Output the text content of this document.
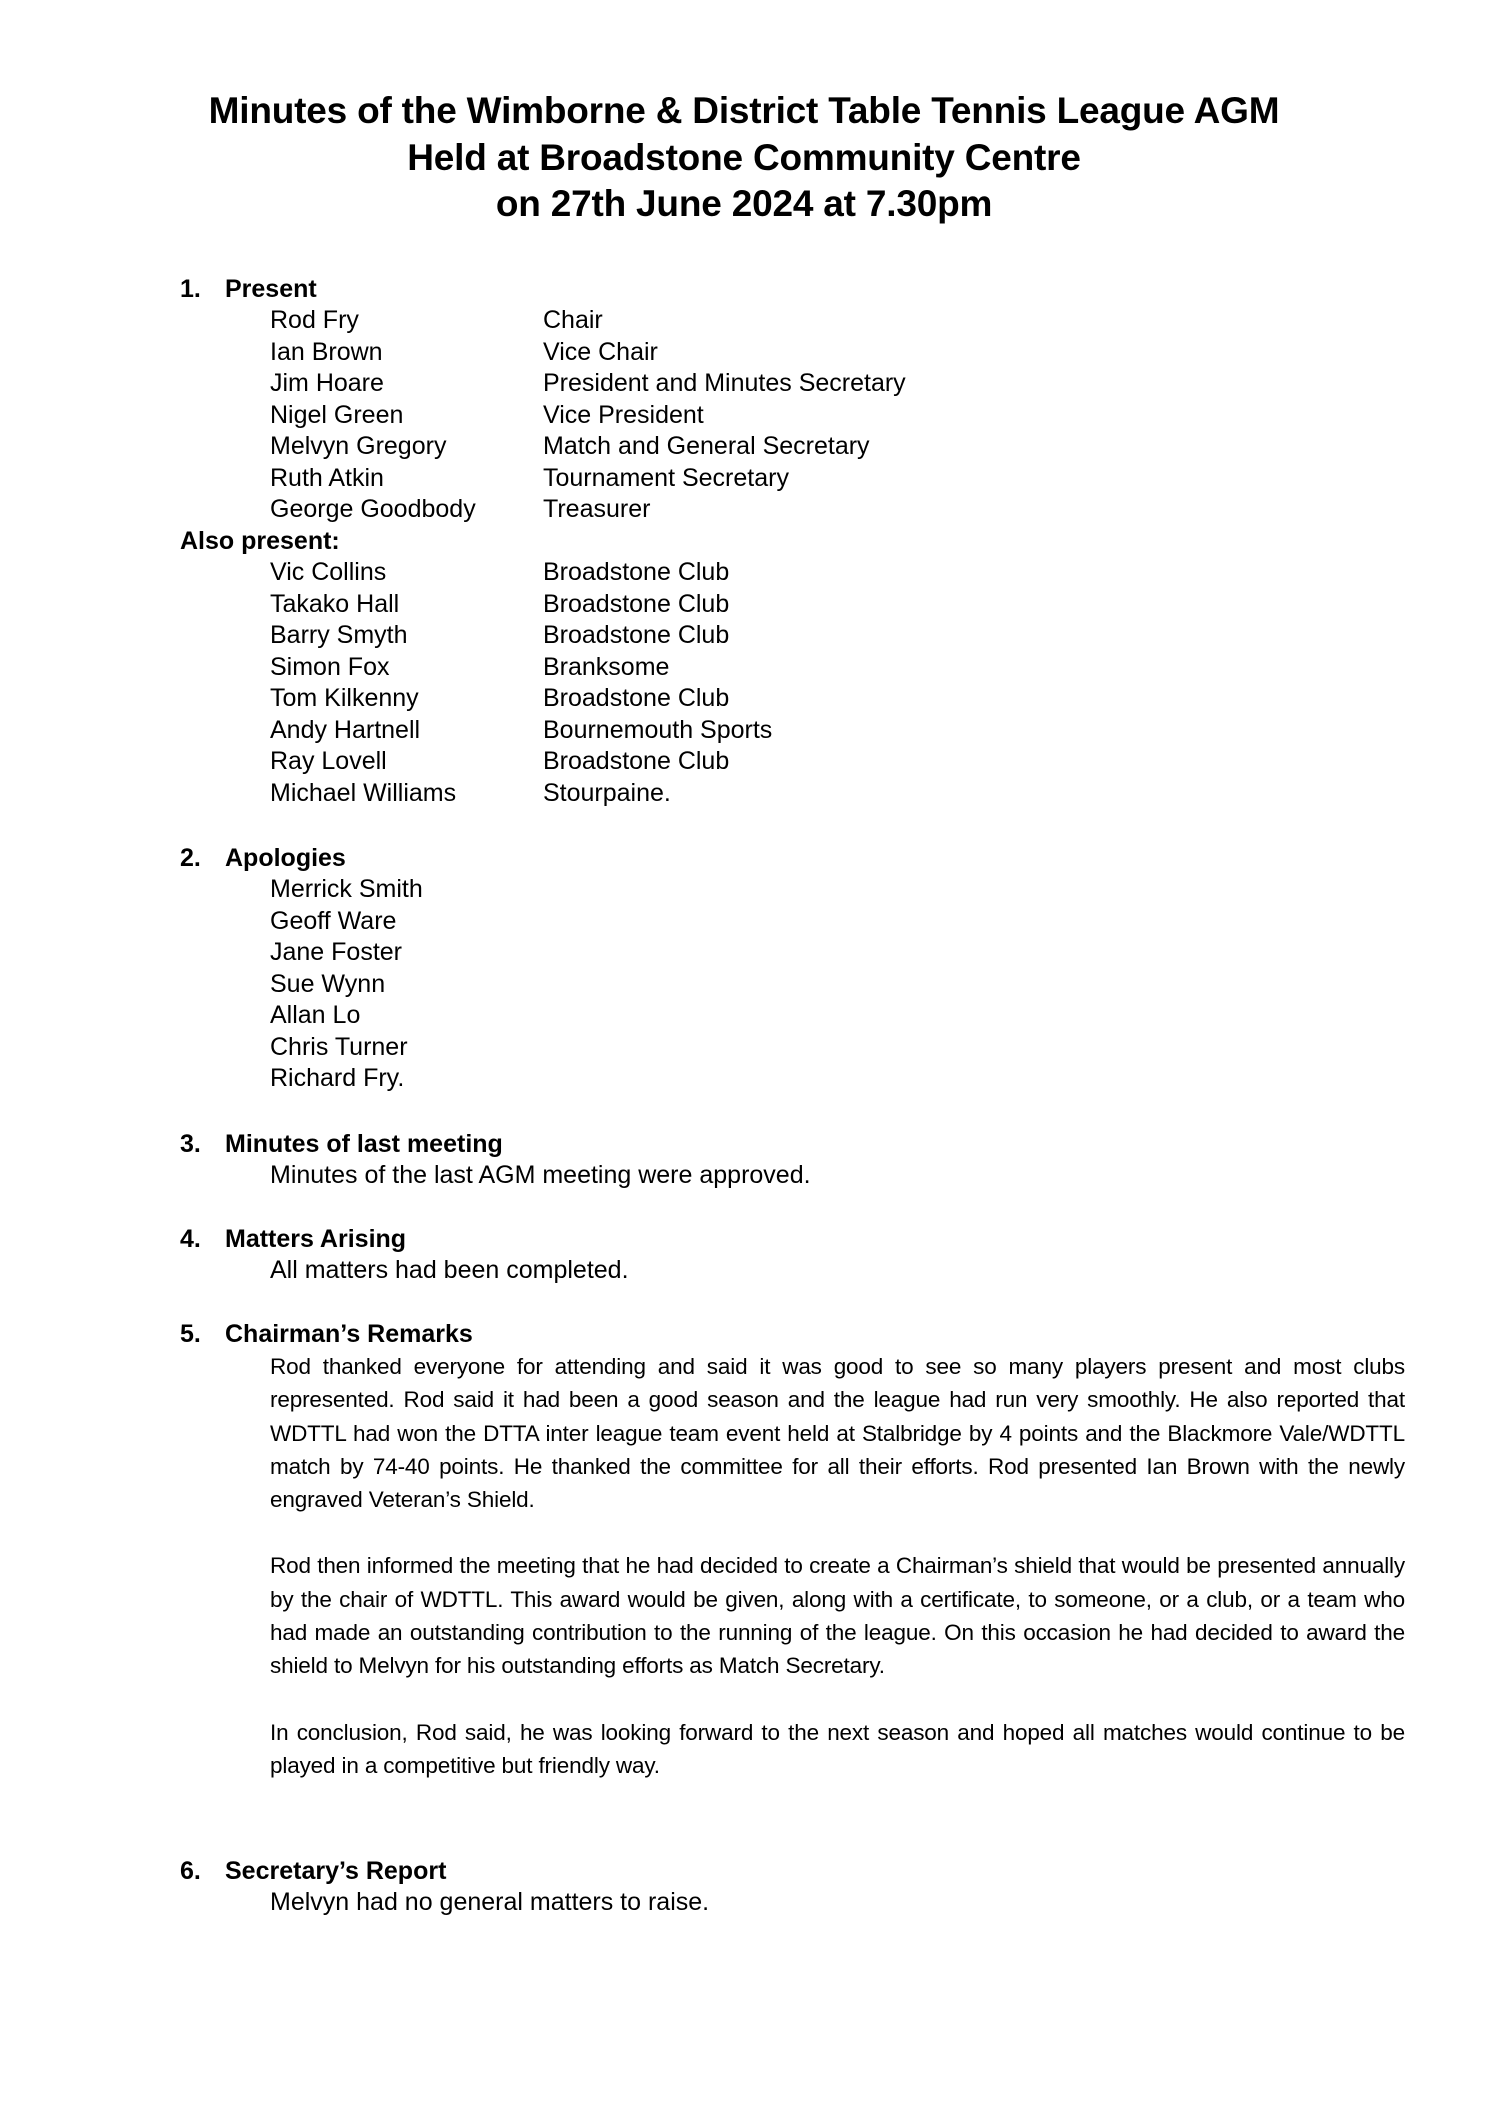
Minutes of the Wimborne & District Table Tennis League AGM
Held at Broadstone Community Centre
on 27th June 2024 at 7.30pm
1. Present
Rod Fry	Chair
Ian Brown	Vice Chair
Jim Hoare	President and Minutes Secretary
Nigel Green	Vice President
Melvyn Gregory	Match and General Secretary
Ruth Atkin	Tournament Secretary
George Goodbody	Treasurer
Also present:
Vic Collins	Broadstone Club
Takako Hall	Broadstone Club
Barry Smyth	Broadstone Club
Simon Fox	Branksome
Tom Kilkenny	Broadstone Club
Andy Hartnell	Bournemouth Sports
Ray Lovell	Broadstone Club
Michael Williams	Stourpaine.
2. Apologies
Merrick Smith
Geoff Ware
Jane Foster
Sue Wynn
Allan Lo
Chris Turner
Richard Fry.
3. Minutes of last meeting
Minutes of the last AGM meeting were approved.
4. Matters Arising
All matters had been completed.
5. Chairman’s Remarks

Rod thanked everyone for attending and said it was good to see so many players present and most clubs represented. Rod said it had been a good season and the league had run very smoothly. He also reported that WDTTL had won the DTTA inter league team event held at Stalbridge by 4 points and the Blackmore Vale/WDTTL match by 74-40 points. He thanked the committee for all their efforts. Rod presented Ian Brown with the newly engraved Veteran’s Shield.

Rod then informed the meeting that he had decided to create a Chairman’s shield that would be presented annually by the chair of WDTTL. This award would be given, along with a certificate, to someone, or a club, or a team who had made an outstanding contribution to the running of the league. On this occasion he had decided to award the shield to Melvyn for his outstanding efforts as Match Secretary.

In conclusion, Rod said, he was looking forward to the next season and hoped all matches would continue to be played in a competitive but friendly way.

6. Secretary’s Report
Melvyn had no general matters to raise.
